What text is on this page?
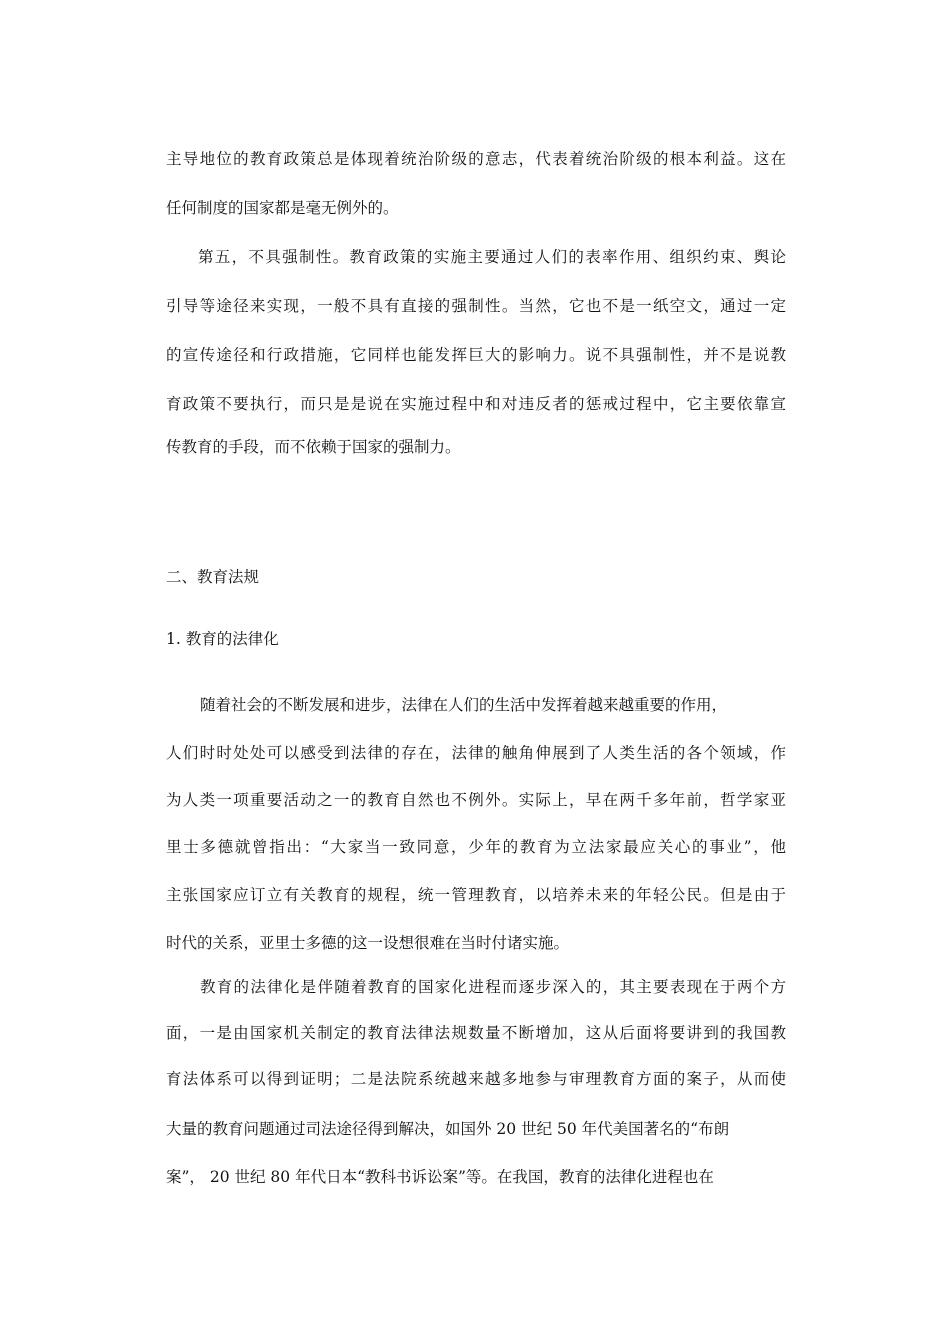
主导地位的教育政策总是体现着统治阶级的意志，代表着统治阶级的根本利益。这在
任何制度的国家都是毫无例外的。
第五，不具强制性。教育政策的实施主要通过人们的表率作用、组织约束、舆论
引导等途径来实现，一般不具有直接的强制性。当然，它也不是一纸空文，通过一定
的宣传途径和行政措施，它同样也能发挥巨大的影响力。说不具强制性，并不是说教
育政策不要执行，而只是是说在实施过程中和对违反者的惩戒过程中，它主要依靠宣
传教育的手段，而不依赖于国家的强制力。
二、教育法规
1. 教育的法律化
随着社会的不断发展和进步，法律在人们的生活中发挥着越来越重要的作用，
人们时时处处可以感受到法律的存在，法律的触角伸展到了人类生活的各个领域，作
为人类一项重要活动之一的教育自然也不例外。实际上，早在两千多年前，哲学家亚
里士多德就曾指出：“大家当一致同意，少年的教育为立法家最应关心的事业”，他
主张国家应订立有关教育的规程，统一管理教育，以培养未来的年轻公民。但是由于
时代的关系，亚里士多德的这一设想很难在当时付诸实施。
教育的法律化是伴随着教育的国家化进程而逐步深入的，其主要表现在于两个方
面，一是由国家机关制定的教育法律法规数量不断增加，这从后面将要讲到的我国教
育法体系可以得到证明；二是法院系统越来越多地参与审理教育方面的案子，从而使
大量的教育问题通过司法途径得到解决，如国外 20 世纪 50 年代美国著名的“布朗
案”， 20 世纪 80 年代日本“教科书诉讼案”等。在我国，教育的法律化进程也在
